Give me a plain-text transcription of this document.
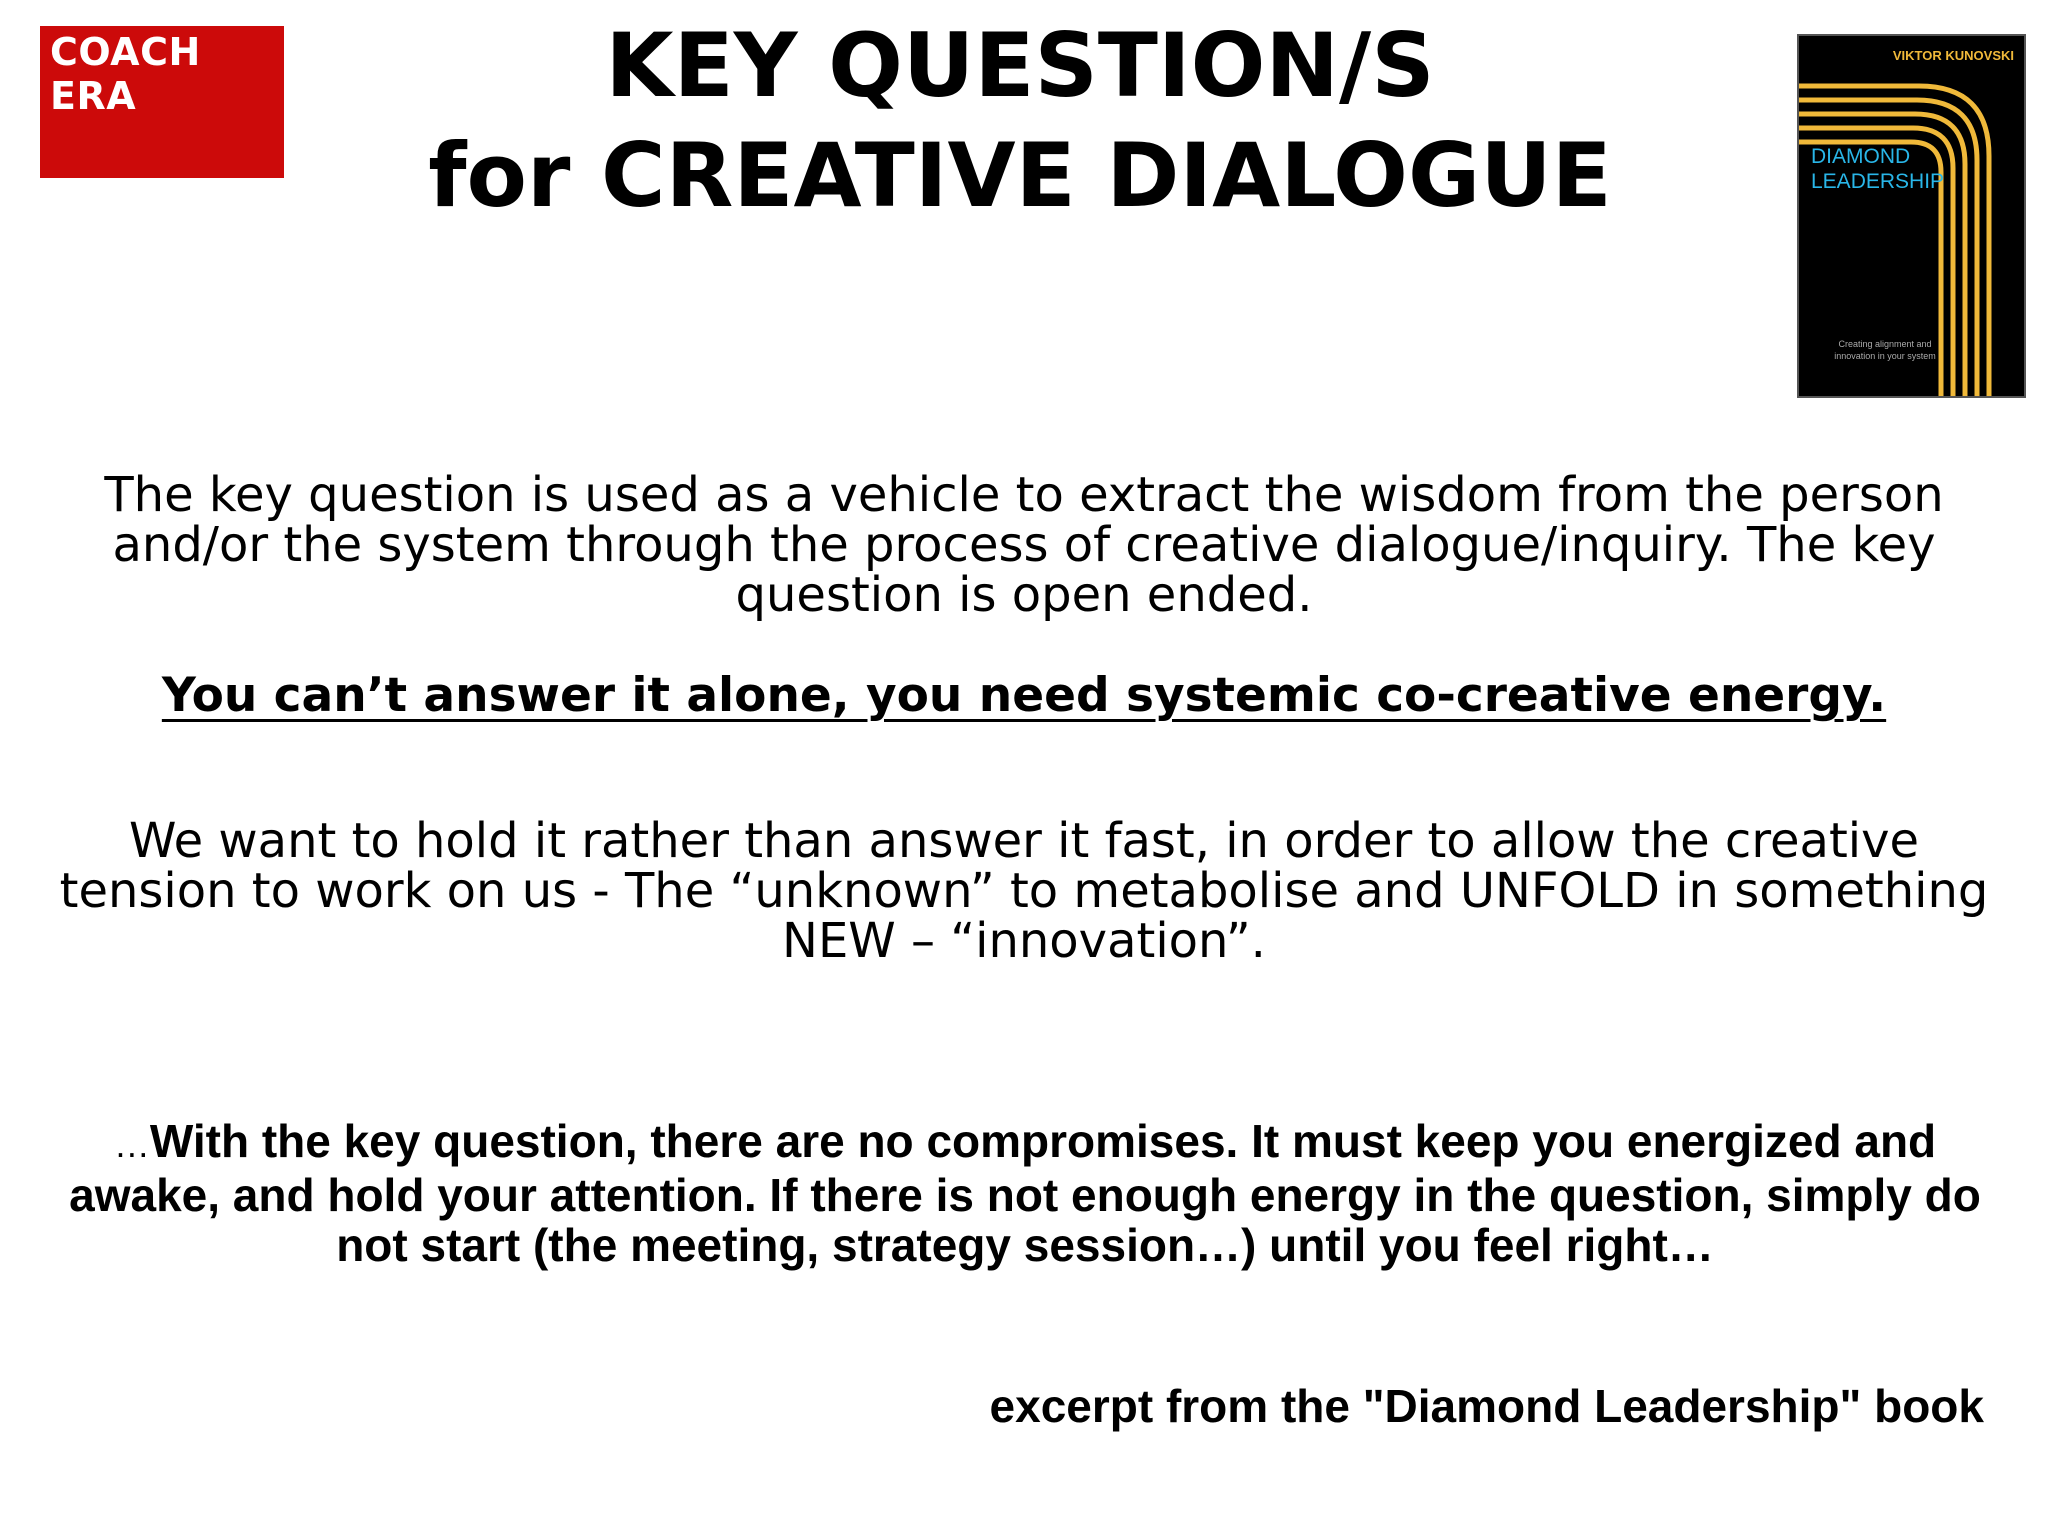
COACH
ERA	KEY QUESTION/S
for CREATIVE DIALOGUE
VIKTOR KUNOVSKI
DIAMOND
LEADERSHIP
Creating alignment and
innovation in your system

The key question is used as a vehicle to extract the wisdom from the person and/or the system through the process of creative dialogue/inquiry. The key question is open ended.

You can’t answer it alone, you need systemic co-creative energy.

We want to hold it rather than answer it fast, in order to allow the creative tension to work on us - The “unknown” to metabolise and UNFOLD in something NEW – “innovation”.

…With the key question, there are no compromises. It must keep you energized and awake, and hold your attention. If there is not enough energy in the question, simply do not start (the meeting, strategy session…) until you feel right…

excerpt from the "Diamond Leadership" book
